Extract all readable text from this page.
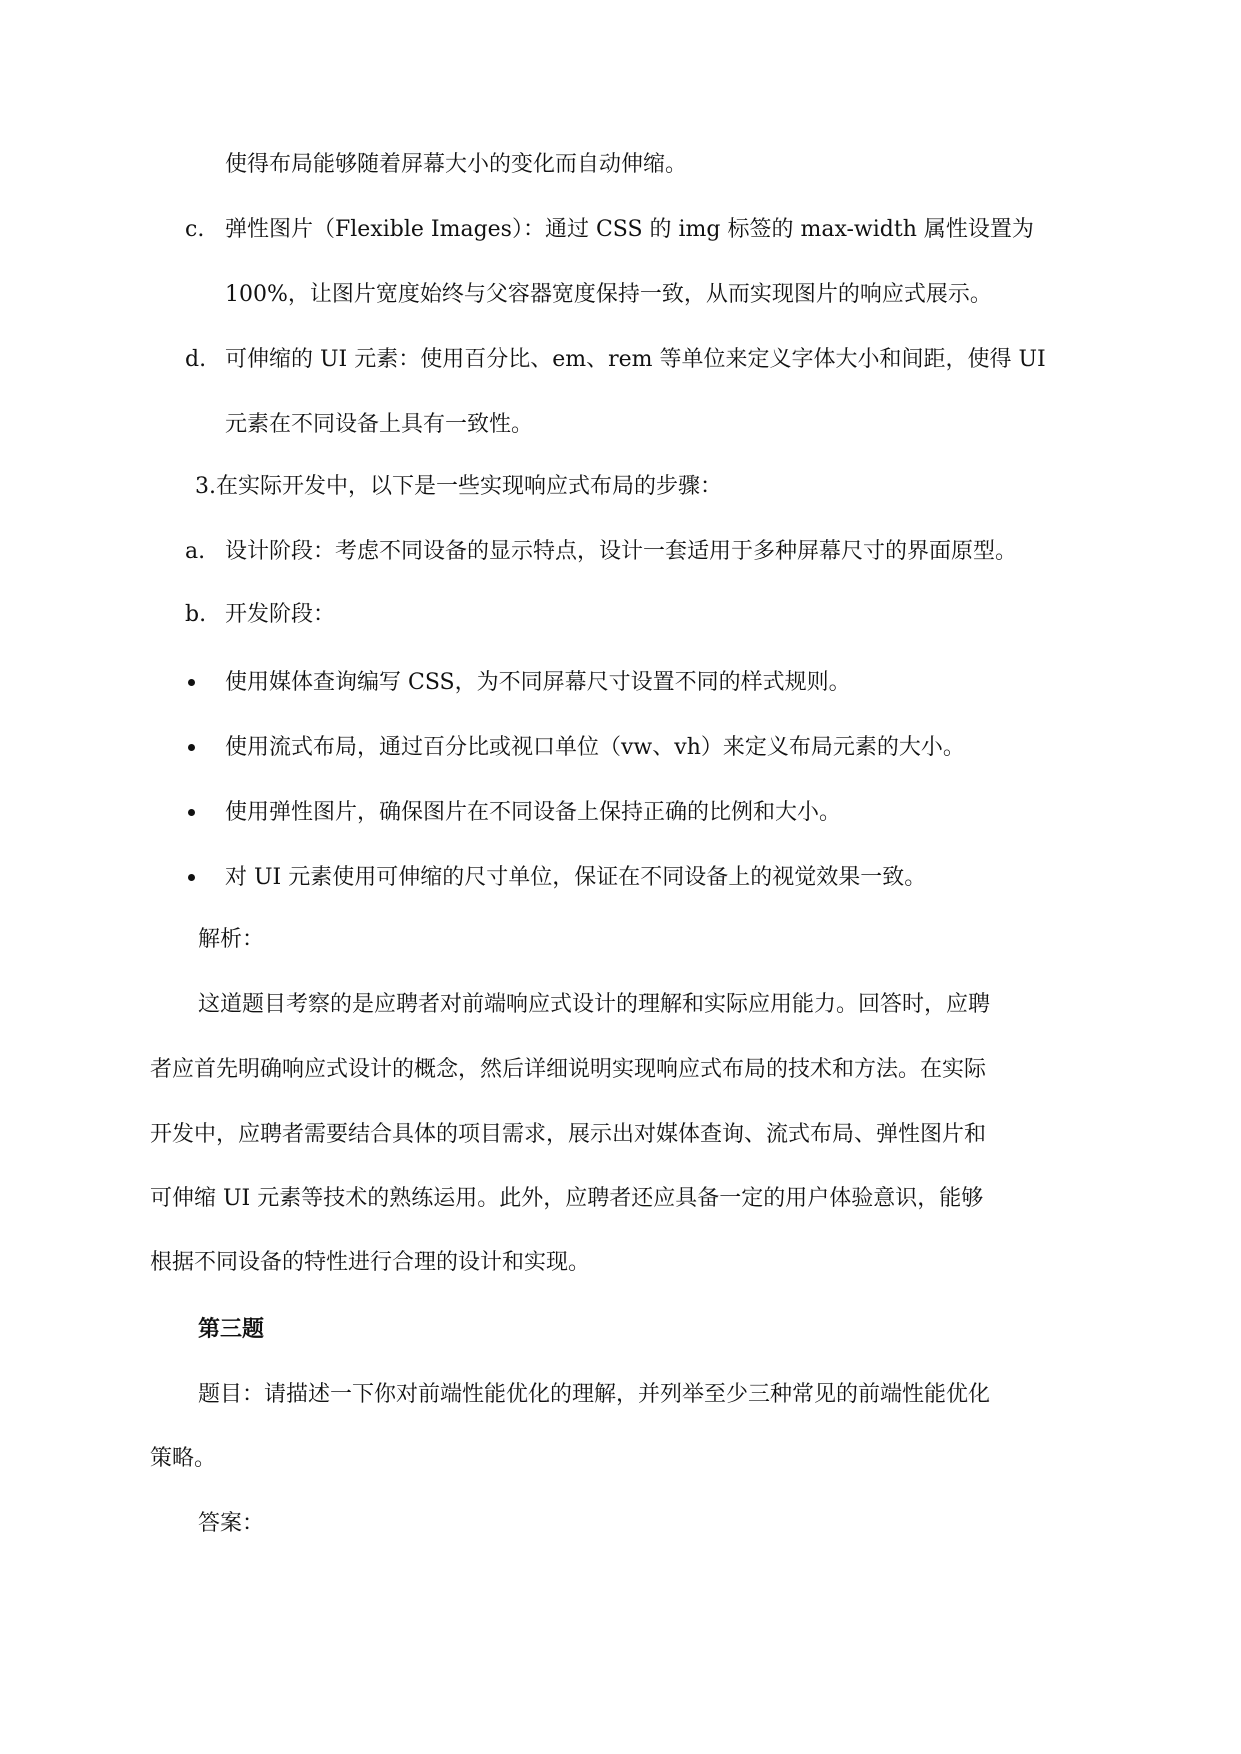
使得布局能够随着屏幕大小的变化而自动伸缩。
c. 弹性图片（Flexible Images）：通过 CSS 的 img 标签的 max-width 属性设置为
100%，让图片宽度始终与父容器宽度保持一致，从而实现图片的响应式展示。
d. 可伸缩的 UI 元素：使用百分比、em、rem 等单位来定义字体大小和间距，使得 UI
元素在不同设备上具有一致性。
3.在实际开发中，以下是一些实现响应式布局的步骤：
a. 设计阶段：考虑不同设备的显示特点，设计一套适用于多种屏幕尺寸的界面原型。
b. 开发阶段：
使用媒体查询编写 CSS，为不同屏幕尺寸设置不同的样式规则。
使用流式布局，通过百分比或视口单位（vw、vh）来定义布局元素的大小。
使用弹性图片，确保图片在不同设备上保持正确的比例和大小。
对 UI 元素使用可伸缩的尺寸单位，保证在不同设备上的视觉效果一致。
解析：
这道题目考察的是应聘者对前端响应式设计的理解和实际应用能力。回答时，应聘
者应首先明确响应式设计的概念，然后详细说明实现响应式布局的技术和方法。在实际
开发中，应聘者需要结合具体的项目需求，展示出对媒体查询、流式布局、弹性图片和
可伸缩 UI 元素等技术的熟练运用。此外，应聘者还应具备一定的用户体验意识，能够
根据不同设备的特性进行合理的设计和实现。
第三题
题目：请描述一下你对前端性能优化的理解，并列举至少三种常见的前端性能优化
策略。
答案：
